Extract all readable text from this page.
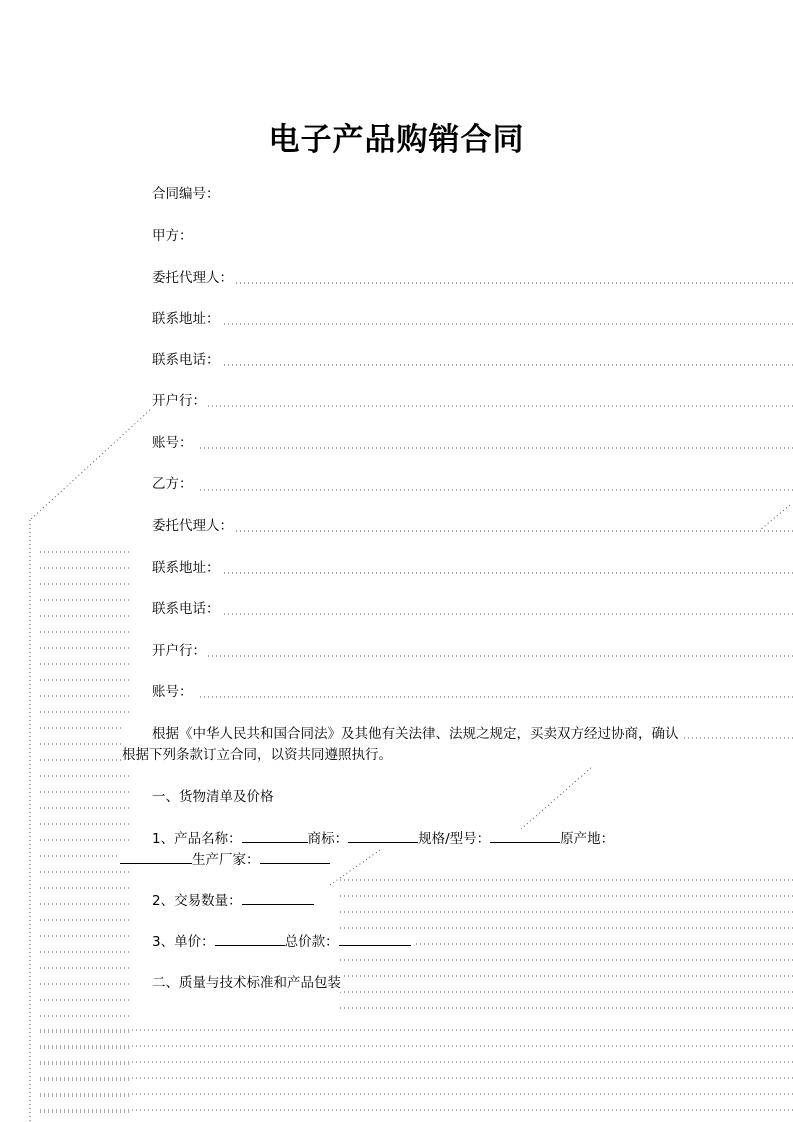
电子产品购销合同
合同编号：
甲方：
委托代理人：
联系地址：
联系电话：
开户行：
账号：
乙方：
委托代理人：
联系地址：
联系电话：
开户行：
账号：
根据《中华人民共和国合同法》及其他有关法律、法规之规定，买卖双方经过协商，确认根据下列条款订立合同，以资共同遵照执行。
一、货物清单及价格
1、产品名称：	商标：	规格/型号：	原产地：
生产厂家：
2、交易数量：
3、单价：	总价款：
二、质量与技术标准和产品包装
